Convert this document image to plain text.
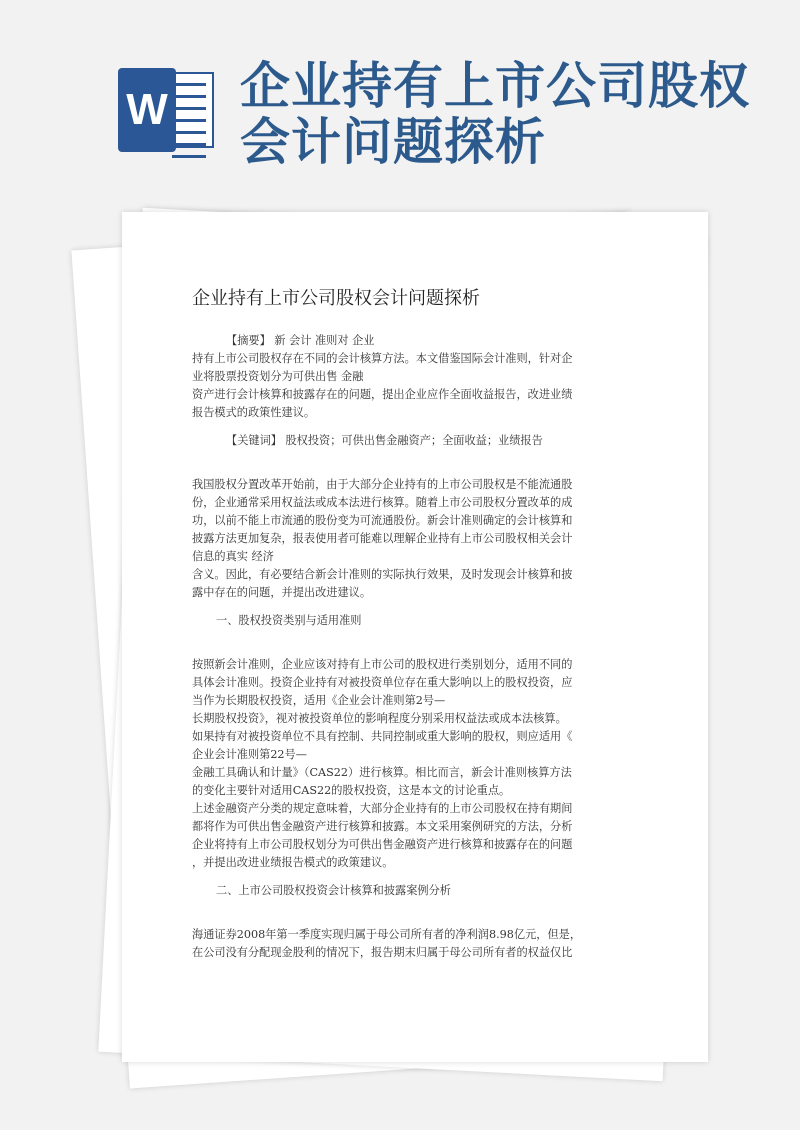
W 企业持有上市公司股权
会计问题探析
企业持有上市公司股权会计问题探析

【摘要】 新 会计 准则对 企业

持有上市公司股权存在不同的会计核算方法。本文借鉴国际会计准则，针对企

业将股票投资划分为可供出售 金融

资产进行会计核算和披露存在的问题，提出企业应作全面收益报告，改进业绩

报告模式的政策性建议。

【关键词】 股权投资；可供出售金融资产；全面收益；业绩报告

我国股权分置改革开始前，由于大部分企业持有的上市公司股权是不能流通股

份，企业通常采用权益法或成本法进行核算。随着上市公司股权分置改革的成

功，以前不能上市流通的股份变为可流通股份。新会计准则确定的会计核算和

披露方法更加复杂，报表使用者可能难以理解企业持有上市公司股权相关会计

信息的真实 经济

含义。因此，有必要结合新会计准则的实际执行效果，及时发现会计核算和披

露中存在的问题，并提出改进建议。

一、股权投资类别与适用准则

按照新会计准则，企业应该对持有上市公司的股权进行类别划分，适用不同的

具体会计准则。投资企业持有对被投资单位存在重大影响以上的股权投资，应

当作为长期股权投资，适用《企业会计准则第2号—

长期股权投资》，视对被投资单位的影响程度分别采用权益法或成本法核算。

如果持有对被投资单位不具有控制、共同控制或重大影响的股权，则应适用《

企业会计准则第22号—

金融工具确认和计量》（CAS22）进行核算。相比而言，新会计准则核算方法

的变化主要针对适用CAS22的股权投资，这是本文的讨论重点。

上述金融资产分类的规定意味着，大部分企业持有的上市公司股权在持有期间

都将作为可供出售金融资产进行核算和披露。本文采用案例研究的方法，分析

企业将持有上市公司股权划分为可供出售金融资产进行核算和披露存在的问题

，并提出改进业绩报告模式的政策建议。

二、上市公司股权投资会计核算和披露案例分析

海通证券2008年第一季度实现归属于母公司所有者的净利润8.98亿元，但是，

在公司没有分配现金股利的情况下，报告期末归属于母公司所有者的权益仅比
